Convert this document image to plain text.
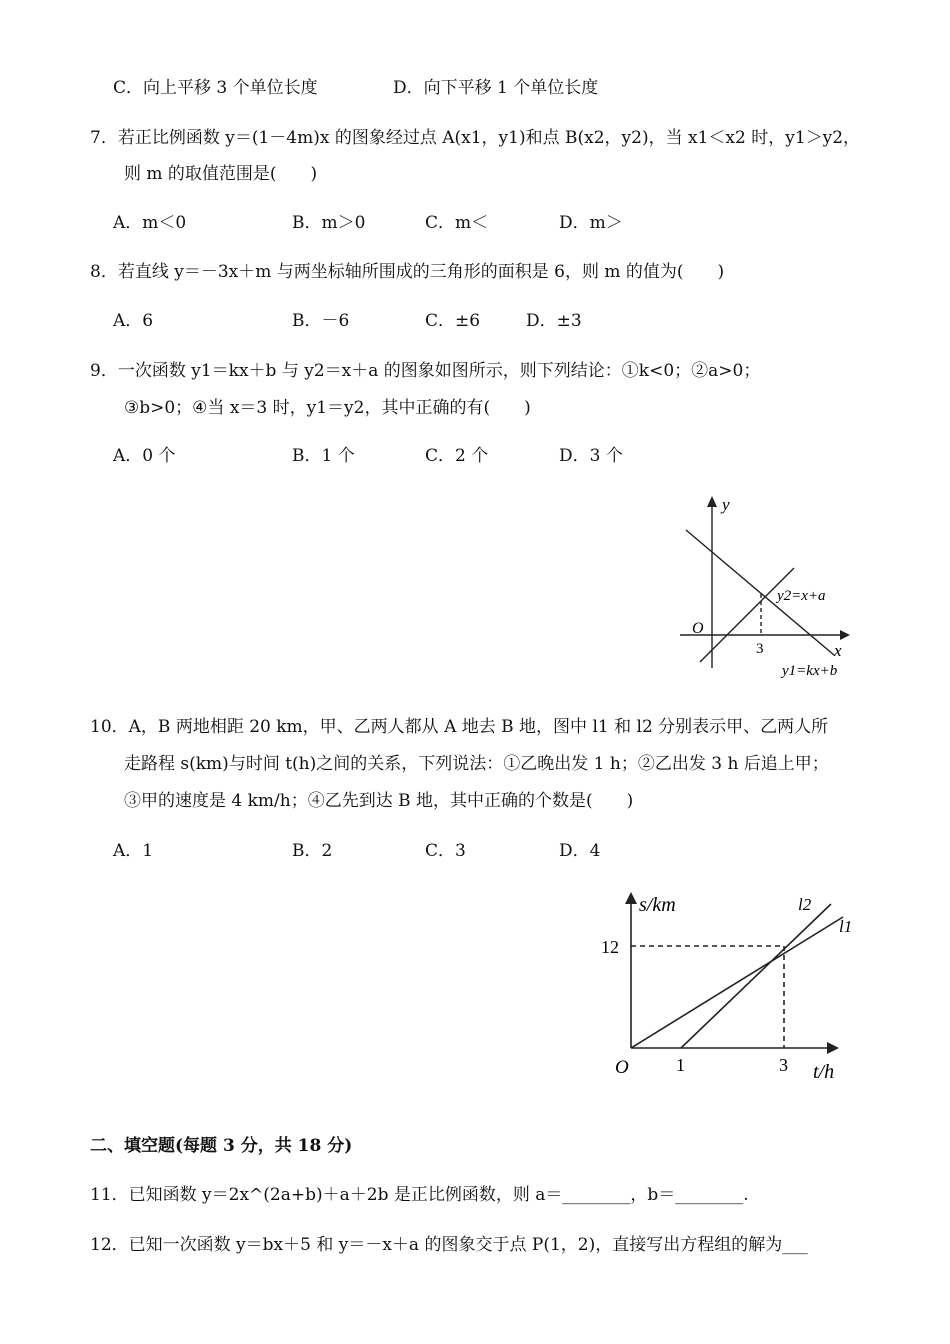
C．向上平移 3 个单位长度	D．向下平移 1 个单位长度
7．若正比例函数 y＝(1－4m)x 的图象经过点 A(x1，y1)和点 B(x2，y2)，当 x1＜x2 时，y1＞y2，
则 m 的取值范围是(　　)
A．m＜0	B．m＞0	C．m＜	D．m＞
8．若直线 y＝－3x＋m 与两坐标轴所围成的三角形的面积是 6，则 m 的值为(　　)
A．6	B．－6	C．±6	D．±3
9．一次函数 y1＝kx＋b 与 y2＝x＋a 的图象如图所示，则下列结论：①k<0；②a>0；
③b>0；④当 x＝3 时，y1＝y2，其中正确的有(　　)
A．0 个	B．1 个	C．2 个	D．3 个
y
x
O
3
y2=x+a
y1=kx+b
10．A，B 两地相距 20 km，甲、乙两人都从 A 地去 B 地，图中 l1 和 l2 分别表示甲、乙两人所
走路程 s(km)与时间 t(h)之间的关系，下列说法：①乙晚出发 1 h；②乙出发 3 h 后追上甲；
③甲的速度是 4 km/h；④乙先到达 B 地，其中正确的个数是(　　)
A．1	B．2	C．3	D．4
s/km
t/h
O
12
1	3
l2
l1
二、填空题(每题 3 分，共 18 分)
11．已知函数 y＝2x^(2a+b)＋a＋2b 是正比例函数，则 a＝________，b＝________.
12．已知一次函数 y＝bx＋5 和 y＝－x＋a 的图象交于点 P(1，2)，直接写出方程组的解为___
